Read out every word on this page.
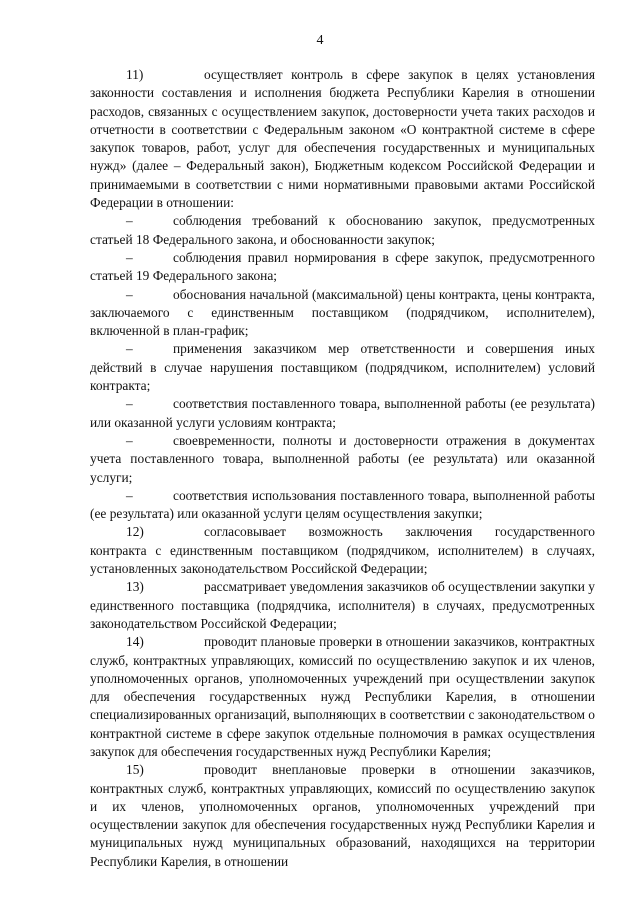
4

11)	осуществляет контроль в сфере закупок в целях установления законности составления и исполнения бюджета Республики Карелия в отношении расходов, связанных с осуществлением закупок, достоверности учета таких расходов и отчетности в соответствии с Федеральным законом «О контрактной системе в сфере закупок товаров, работ, услуг для обеспечения государственных и муниципальных нужд» (далее – Федеральный закон), Бюджетным кодексом Российской Федерации и принимаемыми в соответствии с ними нормативными правовыми актами Российской Федерации в отношении:

–	соблюдения требований к обоснованию закупок, предусмотренных статьей 18 Федерального закона, и обоснованности закупок;

–	соблюдения правил нормирования в сфере закупок, предусмотренного статьей 19 Федерального закона;

–	обоснования начальной (максимальной) цены контракта, цены контракта, заключаемого с единственным поставщиком (подрядчиком, исполнителем), включенной в план-график;

–	применения заказчиком мер ответственности и совершения иных действий в случае нарушения поставщиком (подрядчиком, исполнителем) условий контракта;

–	соответствия поставленного товара, выполненной работы (ее результата) или оказанной услуги условиям контракта;

–	своевременности, полноты и достоверности отражения в документах учета поставленного товара, выполненной работы (ее результата) или оказанной услуги;

–	соответствия использования поставленного товара, выполненной работы (ее результата) или оказанной услуги целям осуществления закупки;

12)	согласовывает возможность заключения государственного контракта с единственным поставщиком (подрядчиком, исполнителем) в случаях, установленных законодательством Российской Федерации;

13)	рассматривает уведомления заказчиков об осуществлении закупки у единственного поставщика (подрядчика, исполнителя) в случаях, предусмотренных законодательством Российской Федерации;

14)	проводит плановые проверки в отношении заказчиков, контрактных служб, контрактных управляющих, комиссий по осуществлению закупок и их членов, уполномоченных органов, уполномоченных учреждений при осуществлении закупок для обеспечения государственных нужд Республики Карелия, в отношении специализированных организаций, выполняющих в соответствии с законодательством о контрактной системе в сфере закупок отдельные полномочия в рамках осуществления закупок для обеспечения государственных нужд Республики Карелия;

15)	проводит внеплановые проверки в отношении заказчиков, контрактных служб, контрактных управляющих, комиссий по осуществлению закупок и их членов, уполномоченных органов, уполномоченных учреждений при осуществлении закупок для обеспечения государственных нужд Республики Карелия и муниципальных нужд муниципальных образований, находящихся на территории Республики Карелия, в отношении
